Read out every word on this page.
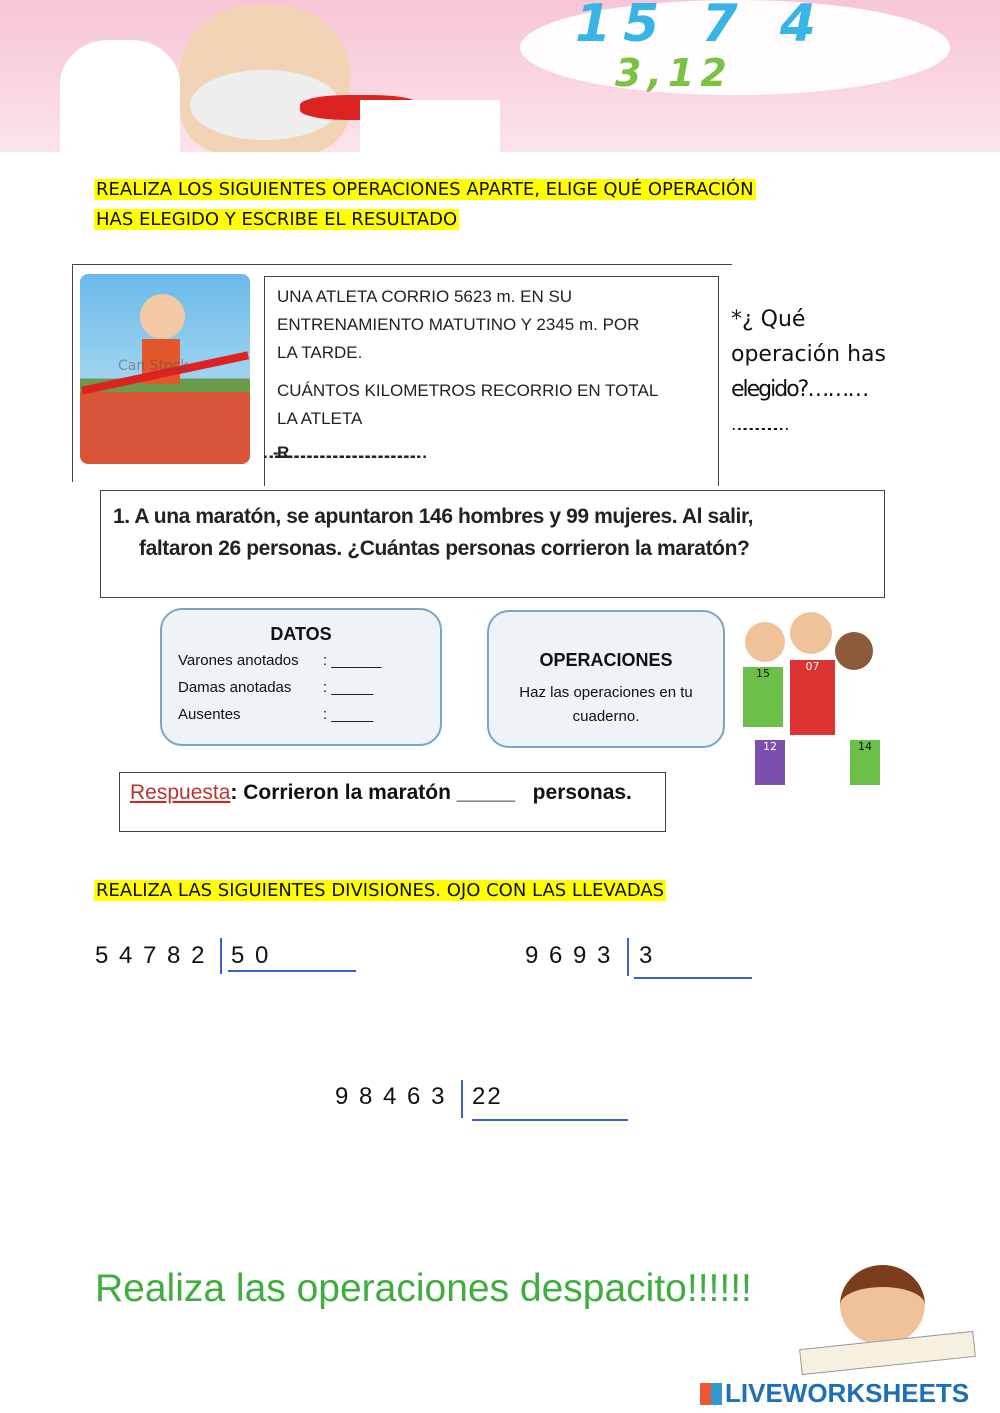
15 7 4
3,12
REALIZA LOS SIGUIENTES OPERACIONES APARTE, ELIGE QUÉ OPERACIÓN
HAS ELEGIDO Y ESCRIBE EL RESULTADO
Can Stock
UNA ATLETA CORRIO 5623 m. EN SU
ENTRENAMIENTO MATUTINO Y 2345 m. POR
LA TARDE.
CUÁNTOS KILOMETROS RECORRIO EN TOTAL
LA ATLETA
R.- ………………………………………………………………
*¿ Qué
operación has
elegido?………
……………………
1. A una maratón, se apuntaron 146 hombres y 99 mujeres. Al salir,
faltaron 26 personas. ¿Cuántas personas corrieron la maratón?
DATOS
Varones anotados : ______
Damas anotadas : _____
Ausentes	: _____
OPERACIONES
Haz las operaciones en tu
cuaderno.
15
07
12	14
Respuesta: Corrieron la maratón _____   personas.
REALIZA LAS SIGUIENTES DIVISIONES. OJO CON LAS LLEVADAS
5 4 7 8 2 5 0	9 6 9 3 3
9 8 4 6 3 22
Realiza las operaciones despacito!!!!!!
LIVEWORKSHEETS
